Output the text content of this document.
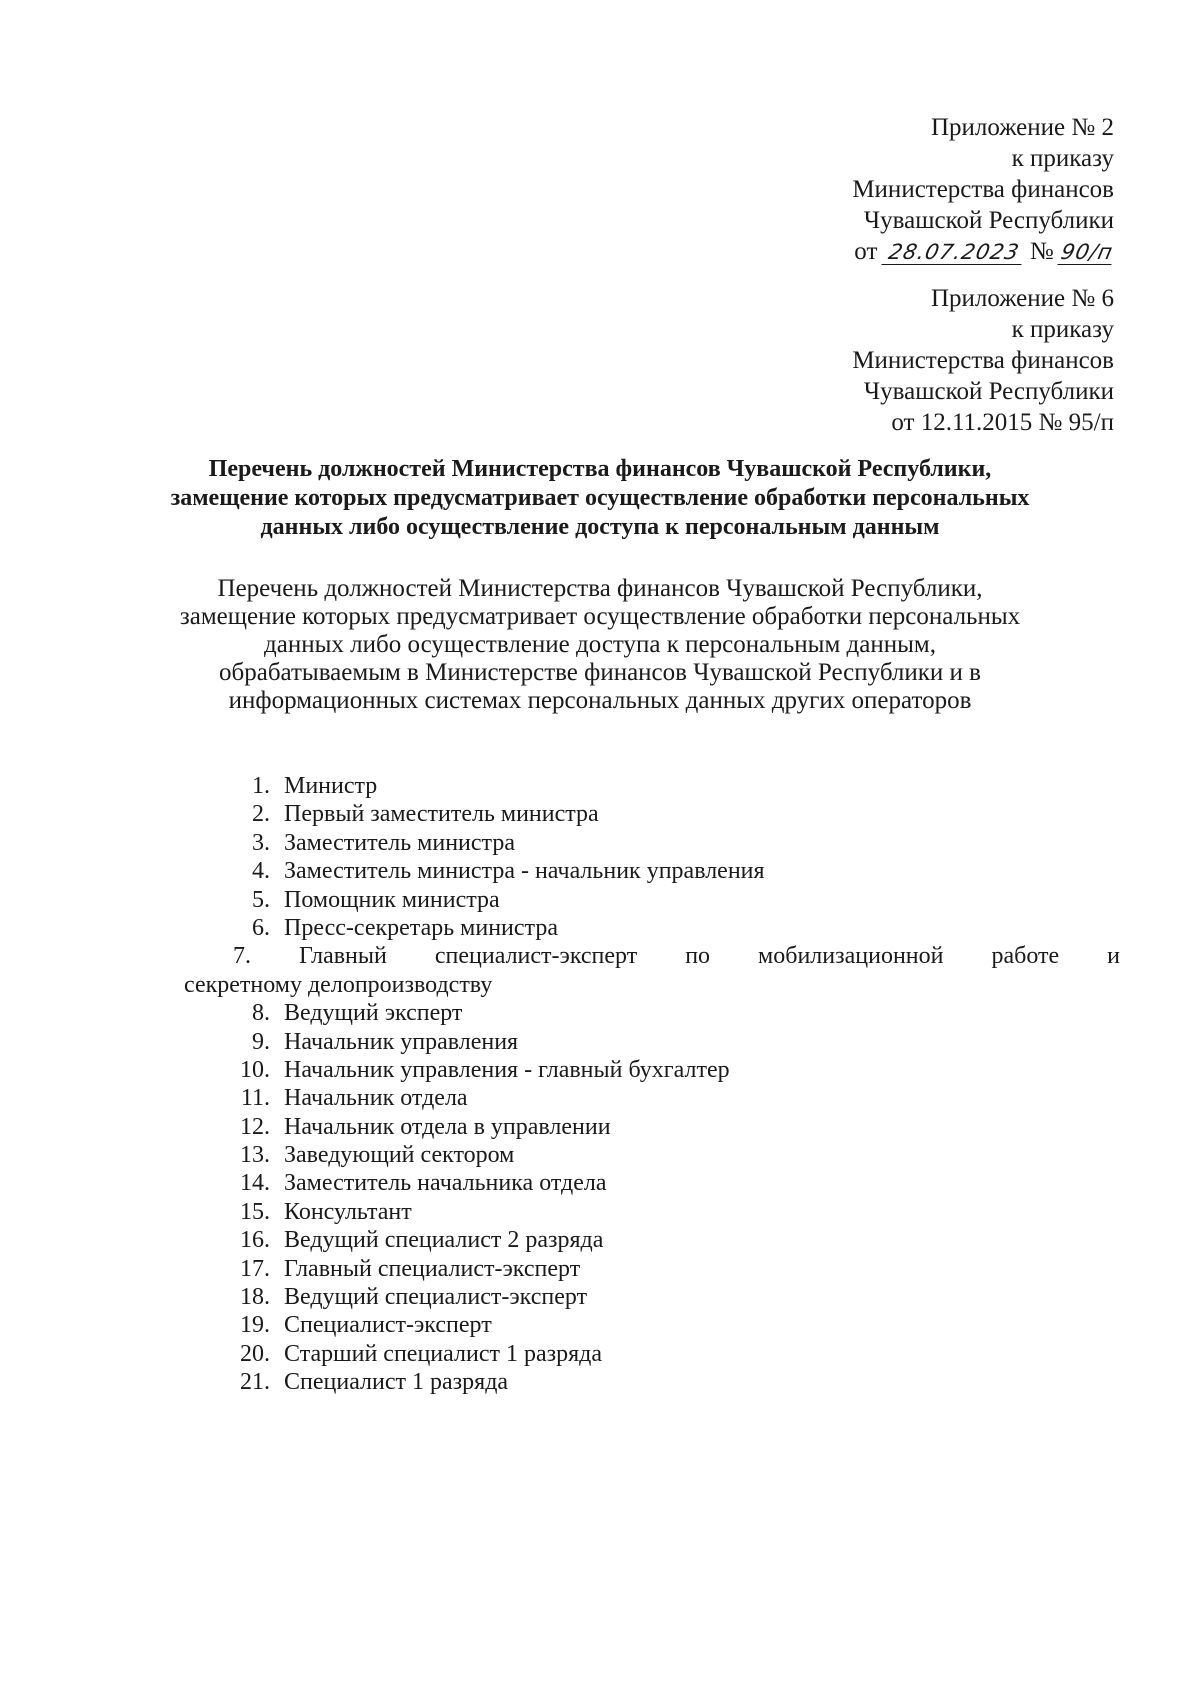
Приложение № 2
к приказу
Министерства финансов
Чувашской Республики
от 28.07.2023 № 90/п
Приложение № 6
к приказу
Министерства финансов
Чувашской Республики
от 12.11.2015 № 95/п
Перечень должностей Министерства финансов Чувашской Республики,
замещение которых предусматривает осуществление обработки персональных
данных либо осуществление доступа к персональным данным
Перечень должностей Министерства финансов Чувашской Республики,
замещение которых предусматривает осуществление обработки персональных
данных либо осуществление доступа к персональным данным,
обрабатываемым в Министерстве финансов Чувашской Республики и в
информационных системах персональных данных других операторов
1. Министр
2. Первый заместитель министра
3. Заместитель министра
4. Заместитель министра - начальник управления
5. Помощник министра
6. Пресс-секретарь министра
7. Главный специалист-эксперт по мобилизационной работе и
секретному делопроизводству
8. Ведущий эксперт
9. Начальник управления
10. Начальник управления - главный бухгалтер
11. Начальник отдела
12. Начальник отдела в управлении
13. Заведующий сектором
14. Заместитель начальника отдела
15. Консультант
16. Ведущий специалист 2 разряда
17. Главный специалист-эксперт
18. Ведущий специалист-эксперт
19. Специалист-эксперт
20. Старший специалист 1 разряда
21. Специалист 1 разряда
